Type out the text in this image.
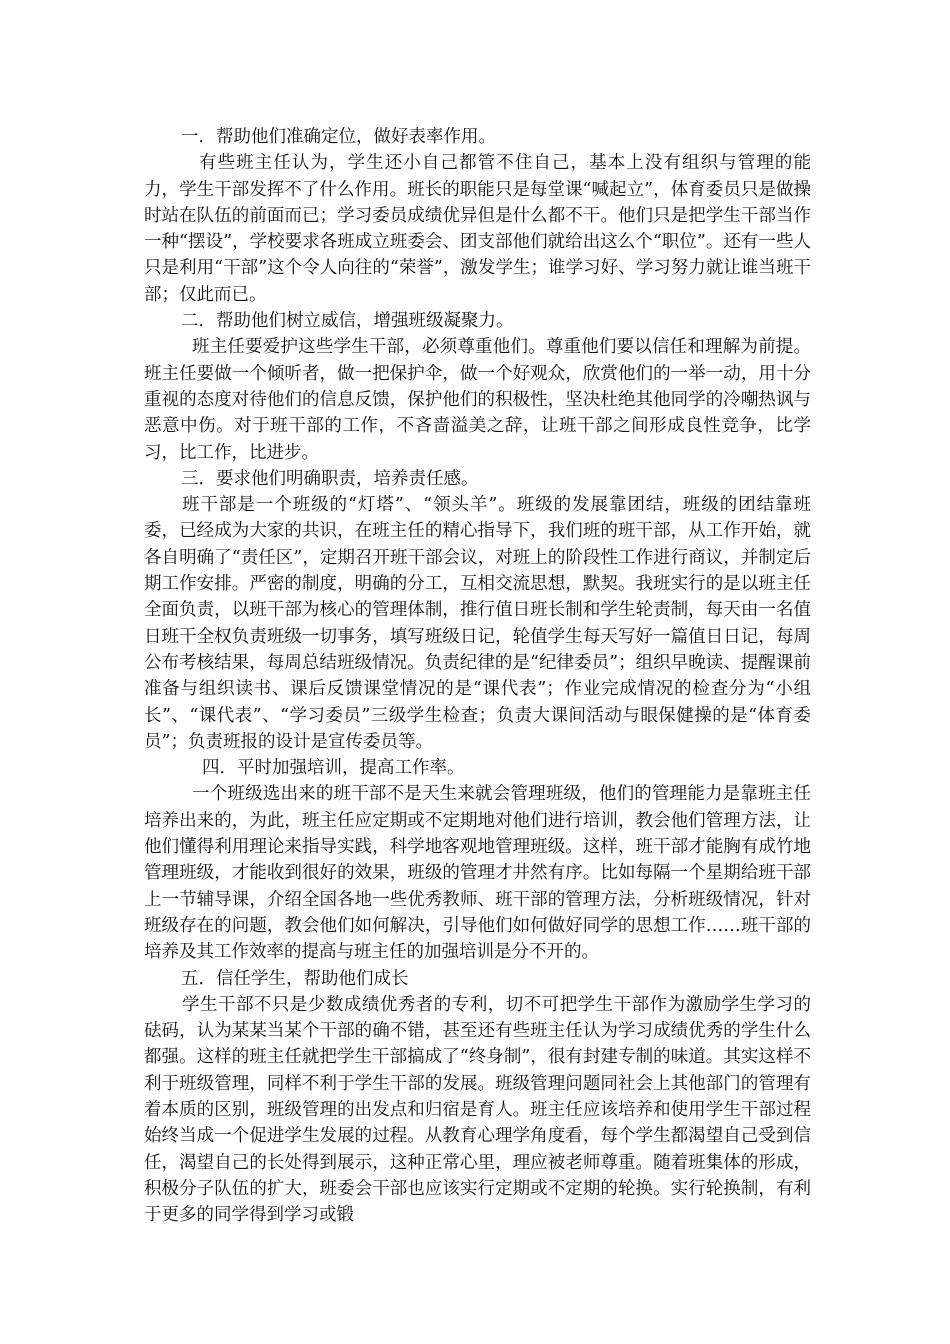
一．帮助他们准确定位，做好表率作用。

有些班主任认为，学生还小自己都管不住自己，基本上没有组织与管理的能力，学生干部发挥不了什么作用。班长的职能只是每堂课“喊起立”，体育委员只是做操时站在队伍的前面而已；学习委员成绩优异但是什么都不干。他们只是把学生干部当作一种“摆设”，学校要求各班成立班委会、团支部他们就给出这么个“职位”。还有一些人只是利用“干部”这个令人向往的“荣誉”，激发学生；谁学习好、学习努力就让谁当班干部；仅此而已。

二．帮助他们树立威信，增强班级凝聚力。

班主任要爱护这些学生干部，必须尊重他们。尊重他们要以信任和理解为前提。班主任要做一个倾听者，做一把保护伞，做一个好观众，欣赏他们的一举一动，用十分重视的态度对待他们的信息反馈，保护他们的积极性，坚决杜绝其他同学的冷嘲热讽与恶意中伤。对于班干部的工作，不吝啬溢美之辞，让班干部之间形成良性竞争，比学习，比工作，比进步。

三．要求他们明确职责，培养责任感。

班干部是一个班级的“灯塔”、“领头羊”。班级的发展靠团结，班级的团结靠班委，已经成为大家的共识，在班主任的精心指导下，我们班的班干部，从工作开始，就各自明确了“责任区”，定期召开班干部会议，对班上的阶段性工作进行商议，并制定后期工作安排。严密的制度，明确的分工，互相交流思想，默契。我班实行的是以班主任全面负责，以班干部为核心的管理体制，推行值日班长制和学生轮责制，每天由一名值日班干全权负责班级一切事务，填写班级日记，轮值学生每天写好一篇值日日记，每周公布考核结果，每周总结班级情况。负责纪律的是“纪律委员”；组织早晚读、提醒课前准备与组织读书、课后反馈课堂情况的是“课代表”；作业完成情况的检查分为“小组长”、“课代表”、“学习委员”三级学生检查；负责大课间活动与眼保健操的是“体育委员”；负责班报的设计是宣传委员等。

四．平时加强培训，提高工作率。

一个班级选出来的班干部不是天生来就会管理班级，他们的管理能力是靠班主任培养出来的，为此，班主任应定期或不定期地对他们进行培训，教会他们管理方法，让他们懂得利用理论来指导实践，科学地客观地管理班级。这样，班干部才能胸有成竹地管理班级，才能收到很好的效果，班级的管理才井然有序。比如每隔一个星期给班干部上一节辅导课，介绍全国各地一些优秀教师、班干部的管理方法，分析班级情况，针对班级存在的问题，教会他们如何解决，引导他们如何做好同学的思想工作……班干部的培养及其工作效率的提高与班主任的加强培训是分不开的。

五．信任学生，帮助他们成长

学生干部不只是少数成绩优秀者的专利，切不可把学生干部作为激励学生学习的砝码，认为某某当某个干部的确不错，甚至还有些班主任认为学习成绩优秀的学生什么都强。这样的班主任就把学生干部搞成了“终身制”，很有封建专制的味道。其实这样不利于班级管理，同样不利于学生干部的发展。班级管理问题同社会上其他部门的管理有着本质的区别，班级管理的出发点和归宿是育人。班主任应该培养和使用学生干部过程始终当成一个促进学生发展的过程。从教育心理学角度看，每个学生都渴望自己受到信任，渴望自己的长处得到展示，这种正常心里，理应被老师尊重。随着班集体的形成，积极分子队伍的扩大，班委会干部也应该实行定期或不定期的轮换。实行轮换制，有利于更多的同学得到学习或锻
